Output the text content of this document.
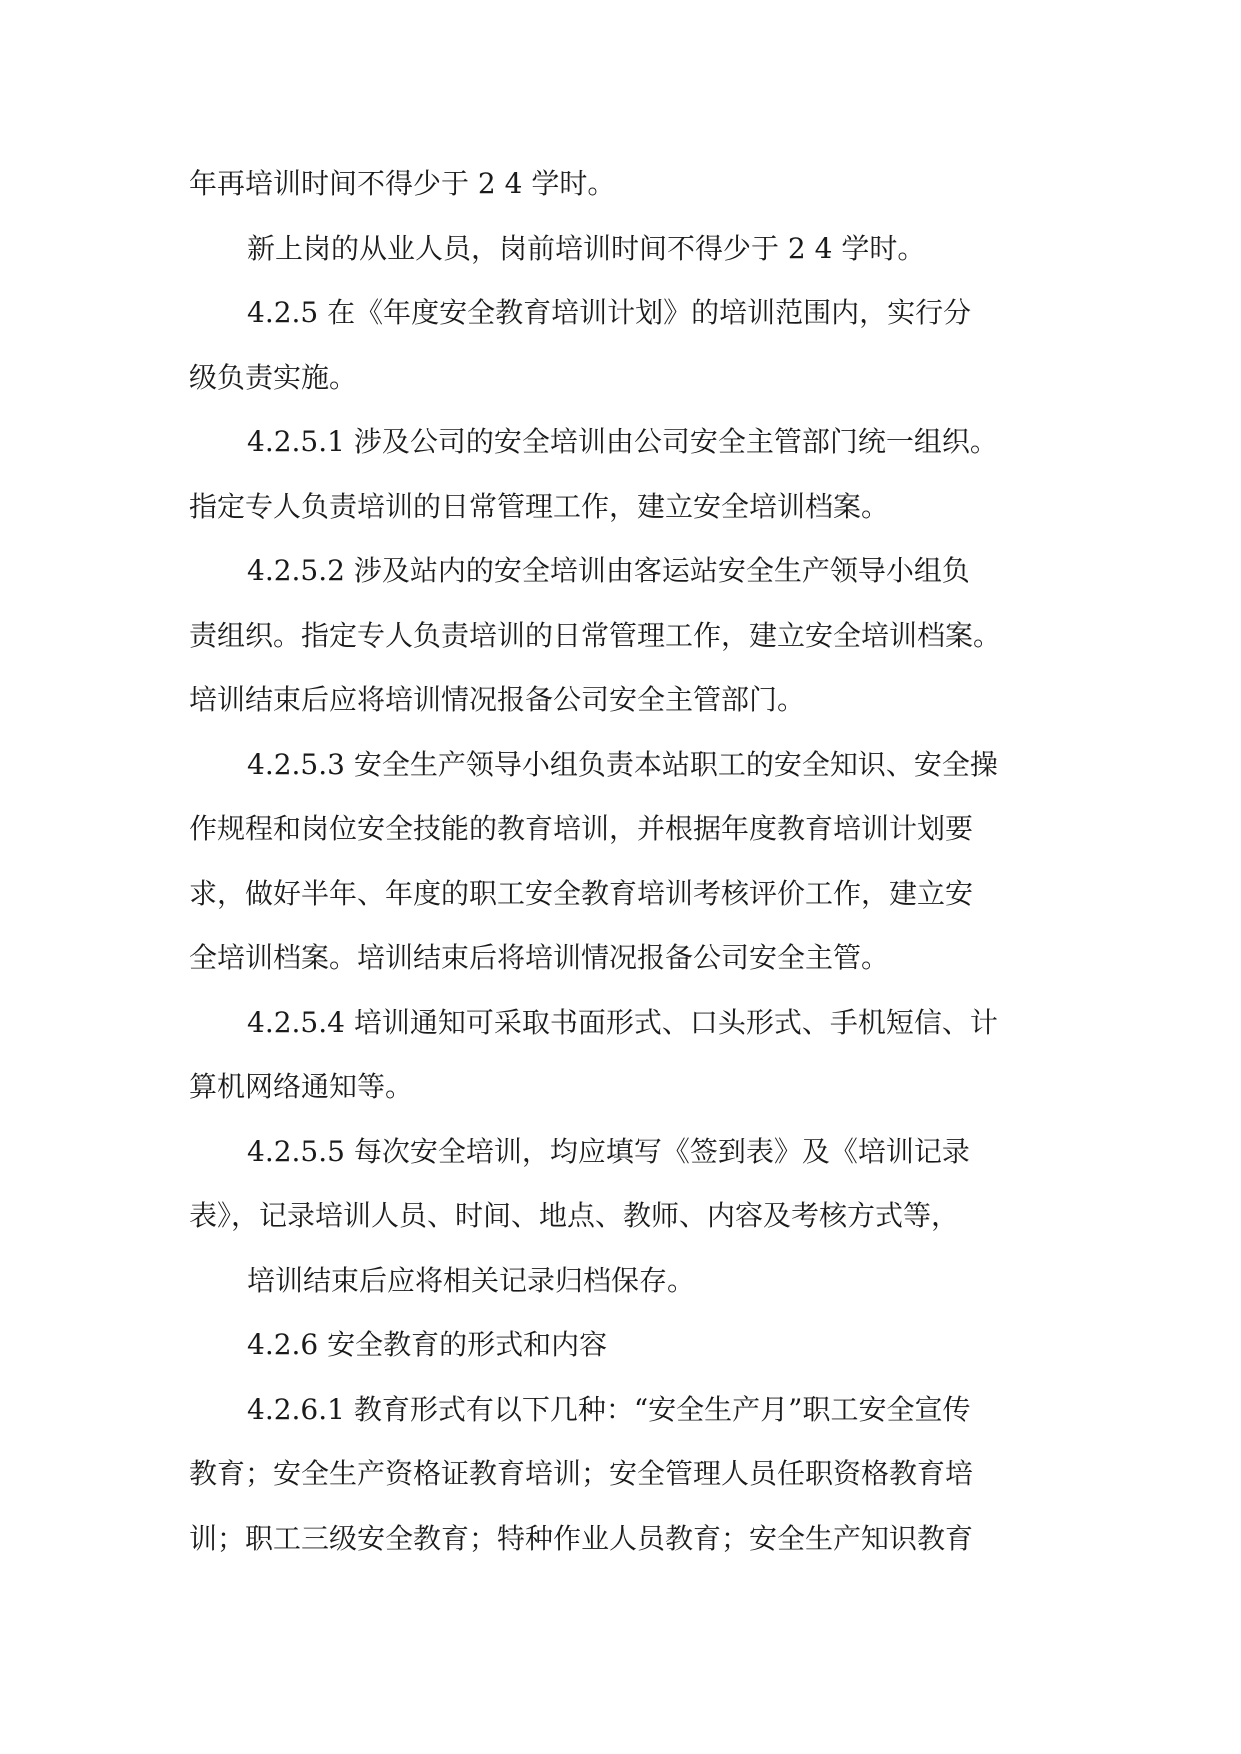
年再培训时间不得少于 2 4 学时。
新上岗的从业人员，岗前培训时间不得少于 2 4 学时。
4.2.5 在《年度安全教育培训计划》的培训范围内，实行分
级负责实施。
4.2.5.1 涉及公司的安全培训由公司安全主管部门统一组织。
指定专人负责培训的日常管理工作，建立安全培训档案。
4.2.5.2 涉及站内的安全培训由客运站安全生产领导小组负
责组织。指定专人负责培训的日常管理工作，建立安全培训档案。
培训结束后应将培训情况报备公司安全主管部门。
4.2.5.3 安全生产领导小组负责本站职工的安全知识、安全操
作规程和岗位安全技能的教育培训，并根据年度教育培训计划要
求，做好半年、年度的职工安全教育培训考核评价工作，建立安
全培训档案。培训结束后将培训情况报备公司安全主管。
4.2.5.4 培训通知可采取书面形式、口头形式、手机短信、计
算机网络通知等。
4.2.5.5 每次安全培训，均应填写《签到表》及《培训记录
表》，记录培训人员、时间、地点、教师、内容及考核方式等，
培训结束后应将相关记录归档保存。
4.2.6 安全教育的形式和内容
4.2.6.1 教育形式有以下几种：“安全生产月”职工安全宣传
教育；安全生产资格证教育培训；安全管理人员任职资格教育培
训；职工三级安全教育；特种作业人员教育；安全生产知识教育
